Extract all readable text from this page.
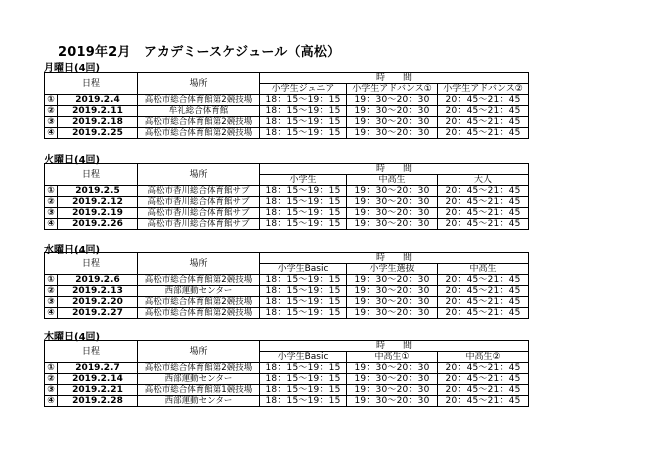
2019年2月　アカデミースケジュール（高松）
月曜日(4回)
日程		場所	時　　間		
			小学生ジュニア	小学生アドバンス①	小学生アドバンス②
①	2019.2.4	高松市総合体育館第2競技場	18：15～19：15	19：30～20：30	20：45～21：45
②	2019.2.11	牟礼総合体育館	18：15～19：15	19：30～20：30	20：45～21：45
③	2019.2.18	高松市総合体育館第2競技場	18：15～19：15	19：30～20：30	20：45～21：45
④	2019.2.25	高松市総合体育館第2競技場	18：15～19：15	19：30～20：30	20：45～21：45
火曜日(4回)
日程		場所	時　　間		
			小学生	中高生	大人
①	2019.2.5	高松市香川総合体育館サブ	18：15～19：15	19：30～20：30	20：45～21：45
②	2019.2.12	高松市香川総合体育館サブ	18：15～19：15	19：30～20：30	20：45～21：45
③	2019.2.19	高松市香川総合体育館サブ	18：15～19：15	19：30～20：30	20：45～21：45
④	2019.2.26	高松市香川総合体育館サブ	18：15～19：15	19：30～20：30	20：45～21：45
水曜日(4回)
日程		場所	時　　間		
			小学生Basic	小学生選抜	中高生
①	2019.2.6	高松市総合体育館第2競技場	18：15～19：15	19：30～20：30	20：45～21：45
②	2019.2.13	西部運動センター	18：15～19：15	19：30～20：30	20：45～21：45
③	2019.2.20	高松市総合体育館第2競技場	18：15～19：15	19：30～20：30	20：45～21：45
④	2019.2.27	高松市総合体育館第2競技場	18：15～19：15	19：30～20：30	20：45～21：45
木曜日(4回)
日程		場所	時　　間		
			小学生Basic	中高生①	中高生②
①	2019.2.7	高松市総合体育館第2競技場	18：15～19：15	19：30～20：30	20：45～21：45
②	2019.2.14	西部運動センター	18：15～19：15	19：30～20：30	20：45～21：45
③	2019.2.21	高松市総合体育館第1競技場	18：15～19：15	19：30～20：30	20：45～21：45
④	2019.2.28	西部運動センター	18：15～19：15	19：30～20：30	20：45～21：45
